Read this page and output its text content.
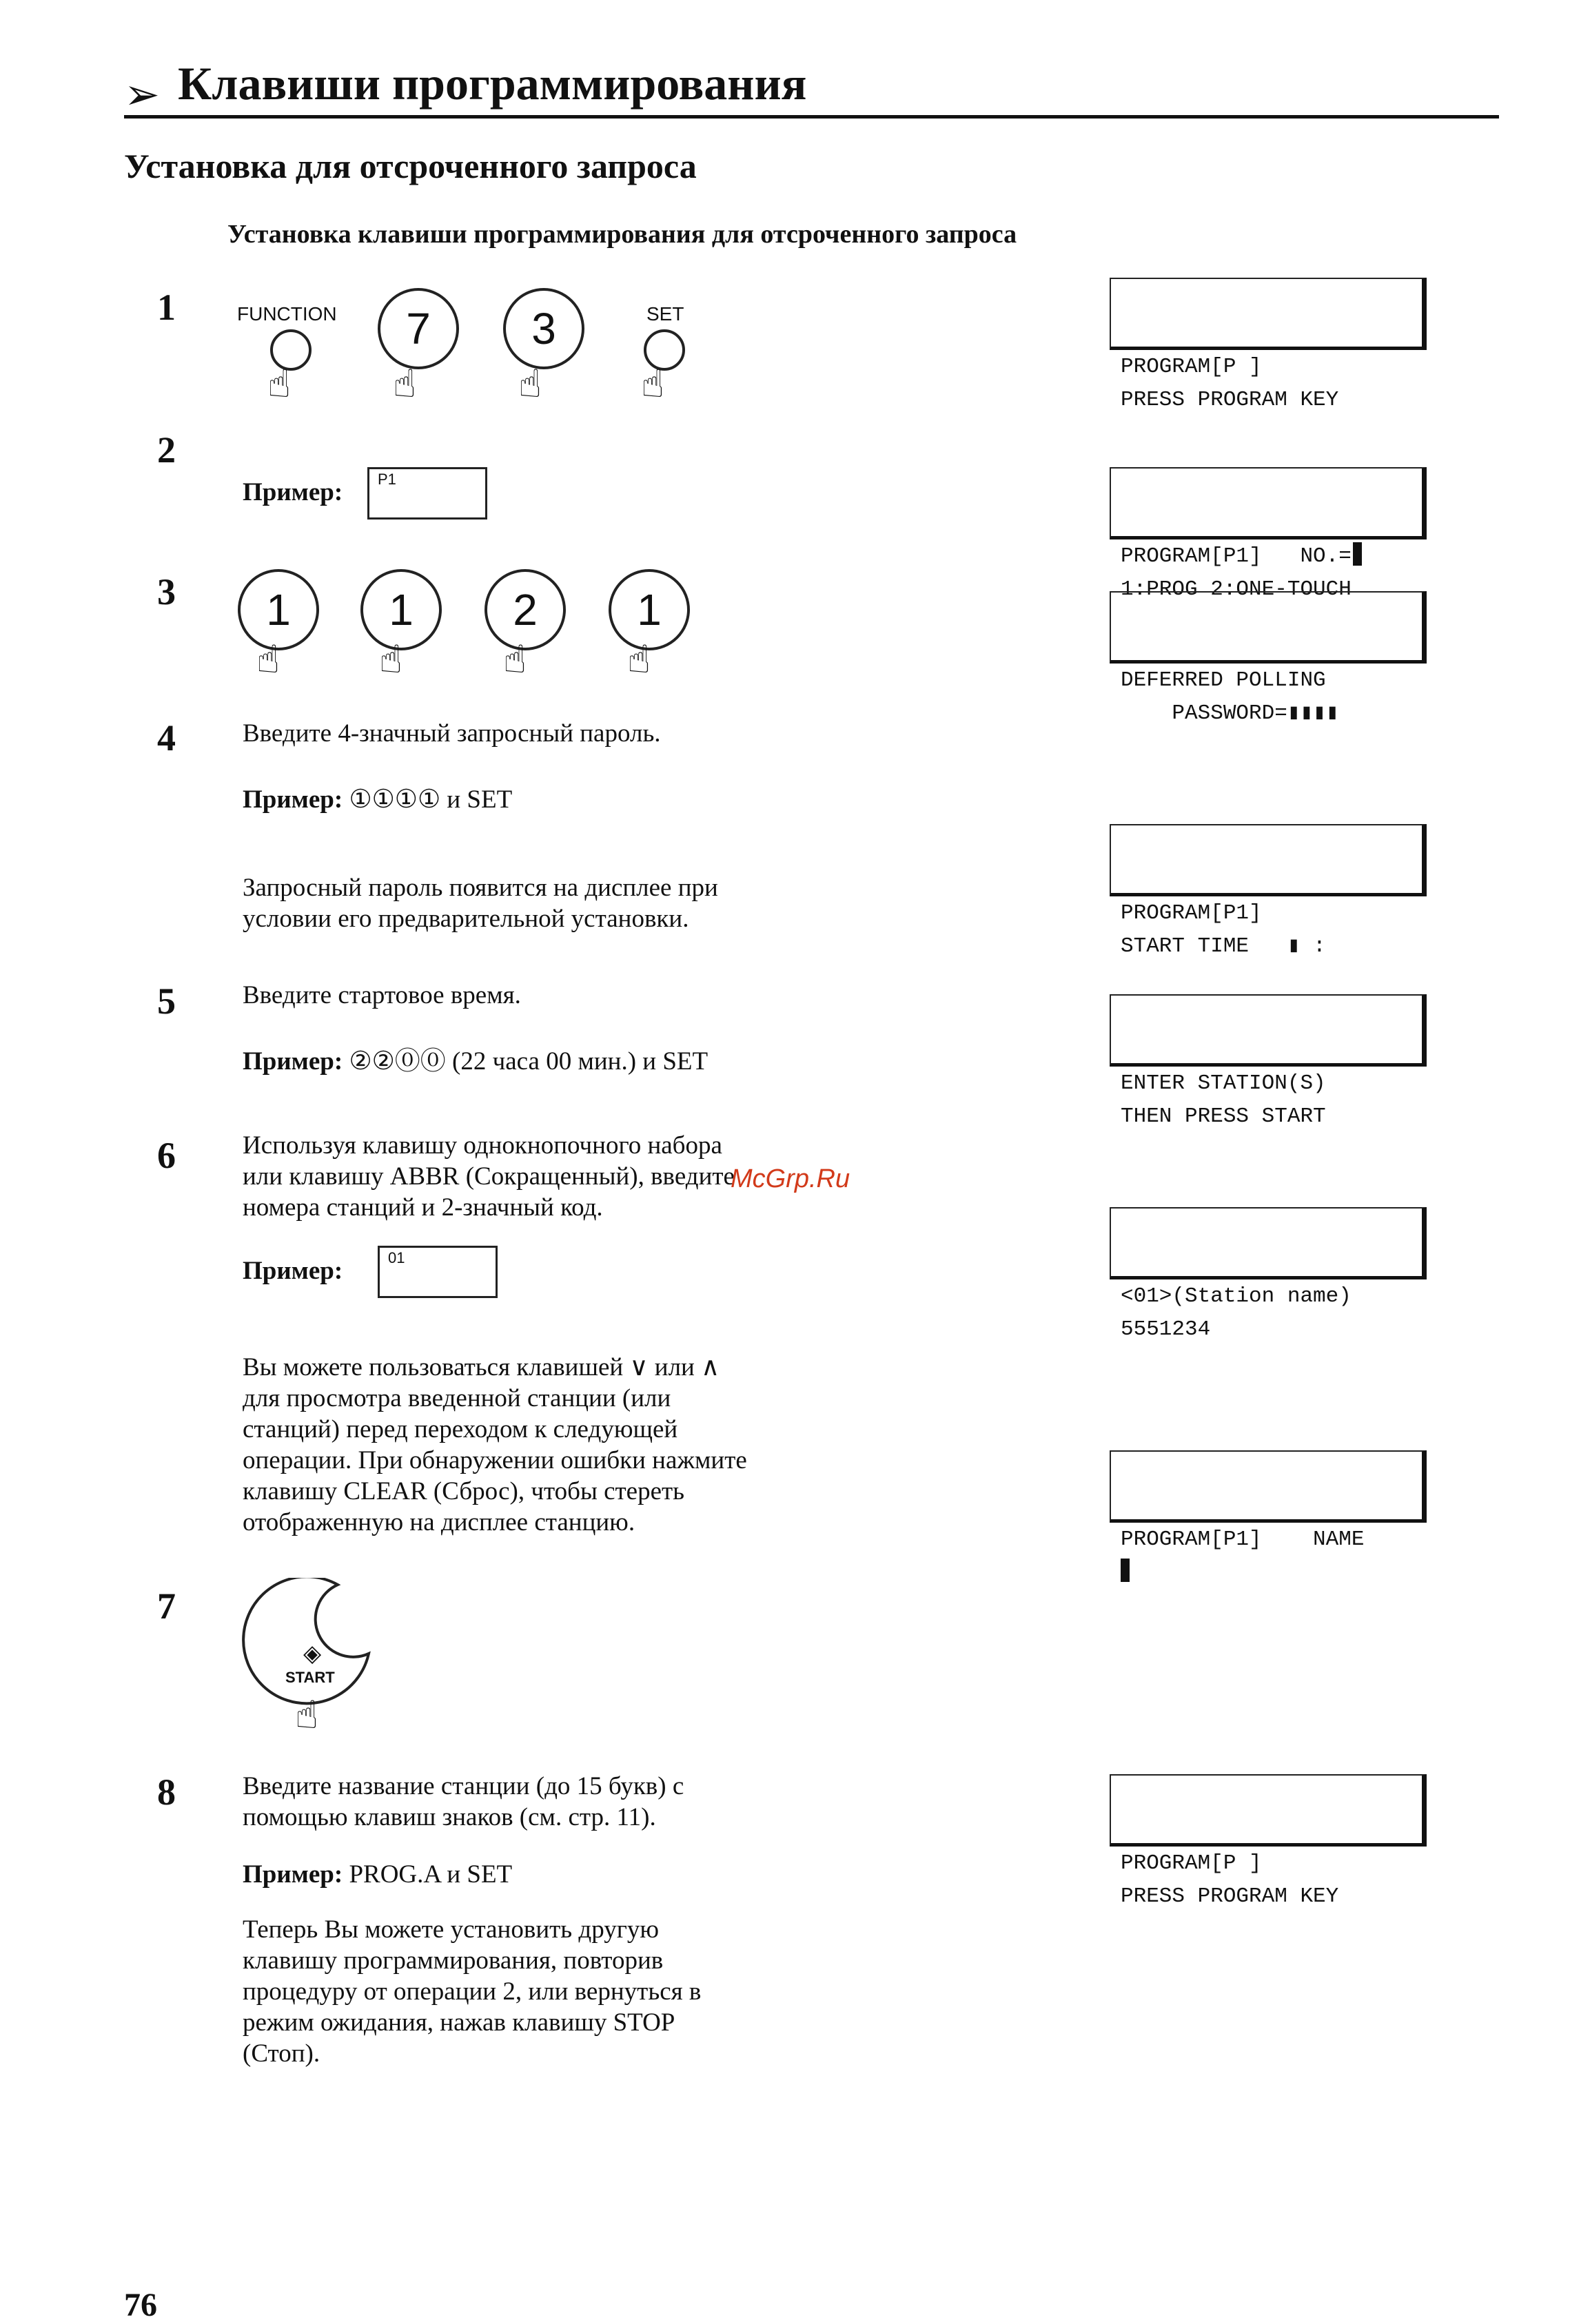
➢ Клавиши программирования
Установка для отсроченного запроса
Установка клавиши программирования для отсроченного запроса
1	FUNCTION
☝
7
☝
3
☝
SET
☝

	PROGRAM[P ]
PRESS PROGRAM KEY

2
Пример: P1

PROGRAM[P1]   NO.=
1:PROG 2:ONE-TOUCH

3	1
☝
1
☝
2
☝
1
☝

	DEFERRED POLLING
PASSWORD=▮▮▮▮

4	Введите 4-значный запросный пароль.
Пример: ①①①① и SET
Запросный пароль появится на дисплее при
условии его предварительной установки.

	PROGRAM[P1]
START TIME   ▮ :

5	Введите стартовое время.
Пример: ②②⓪⓪ (22 часа 00 мин.) и SET

ENTER STATION(S)
THEN PRESS START

6	Используя клавишу однокнопочного набора
или клавишу ABBR (Сокращенный), введите
номера станций и 2-значный код.
McGrp.Ru
Пример:	01

<01>(Station name)
5551234

Вы можете пользоваться клавишей ∨ или ∧
для просмотра введенной станции (или
станций) перед переходом к следующей
операции. При обнаружении ошибки нажмите
клавишу CLEAR (Сброс), чтобы стереть
отображенную на дисплее станцию.

PROGRAM[P1]    NAME

7
◈
START
☝
8	Введите название станции (до 15 букв) с
помощью клавиш знаков (см. стр. 11).
Пример: PROG.A и SET
Теперь Вы можете установить другую
клавишу программирования, повторив
процедуру от операции 2, или вернуться в
режим ожидания, нажав клавишу STOP
(Стоп).

PROGRAM[P ]
PRESS PROGRAM KEY

76
